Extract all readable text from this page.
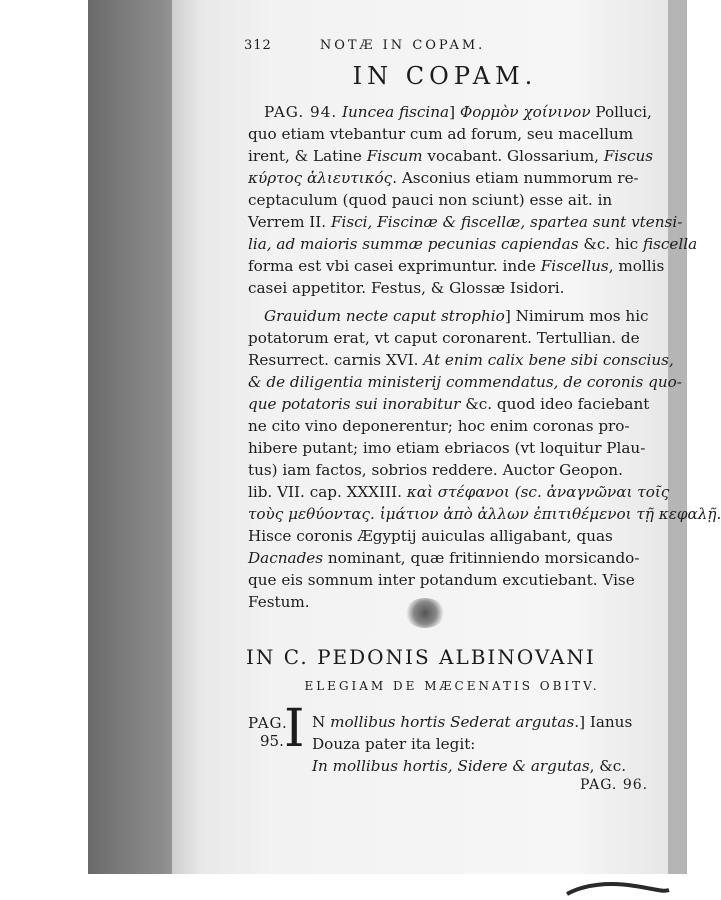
312	NOTÆ IN COPAM.
IN COPAM.
PAG. 94. Iuncea fiscina] Φορμὸν χοίνινον Polluci,
quo etiam vtebantur cum ad forum, seu macellum
irent, & Latine Fiscum vocabant. Glossarium, Fiscus
κύρτος ἁλιευτικός. Asconius etiam nummorum re-
ceptaculum (quod pauci non sciunt) esse ait. in
Verrem II. Fisci, Fiscinæ & fiscellæ, spartea sunt vtensi-
lia, ad maioris summæ pecunias capiendas &c. hic fiscella
forma est vbi casei exprimuntur. inde Fiscellus, mollis
casei appetitor. Festus, & Glossæ Isidori.
Grauidum necte caput strophio] Nimirum mos hic
potatorum erat, vt caput coronarent. Tertullian. de
Resurrect. carnis XVI. At enim calix bene sibi conscius,
& de diligentia ministerij commendatus, de coronis quo-
que potatoris sui inorabitur &c. quod ideo faciebant
ne cito vino deponerentur; hoc enim coronas pro-
hibere putant; imo etiam ebriacos (vt loquitur Plau-
tus) iam factos, sobrios reddere. Auctor Geopon.
lib. VII. cap. XXXIII. καὶ στέφανοι (sc. ἀναγνῶναι τοῖς
τοὺς μεθύοντας. ἱμάτιον ἀπὸ ἀλλων ἐπιτιθέμενοι τῇ κεφαλῇ.
Hisce coronis Ægyptij auiculas alligabant, quas
Dacnades nominant, quæ fritinniendo morsicando-
que eis somnum inter potandum excutiebant. Vise
Festum.
IN C. PEDONIS ALBINOVANI
ELEGIAM DE MÆCENATIS OBITV.
PAG.
95. I N mollibus hortis Sederat argutas.] Ianus
Douza pater ita legit:
In mollibus hortis, Sidere & argutas, &c.
PAG. 96.
